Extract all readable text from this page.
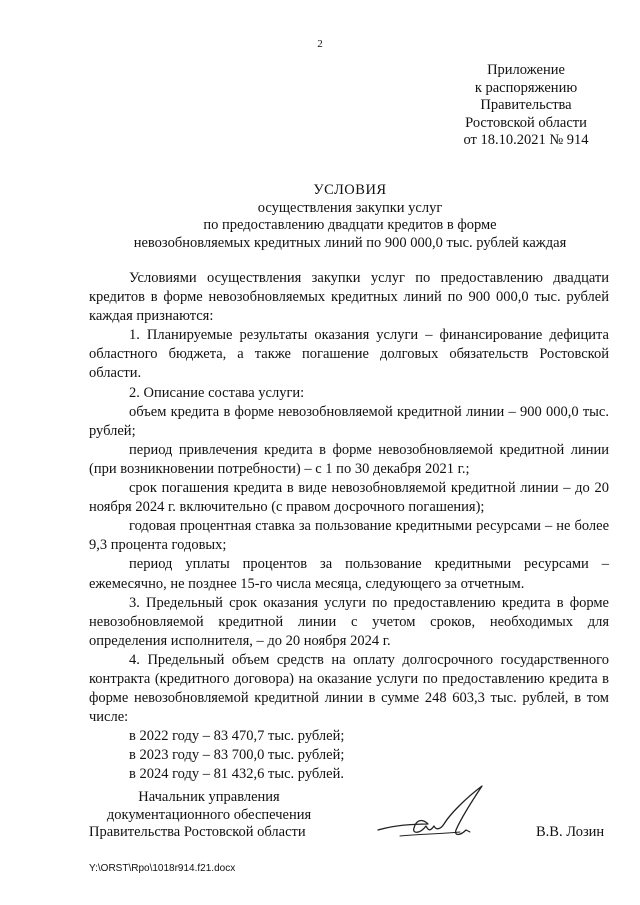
2
Приложение
к распоряжению
Правительства
Ростовской области
от 18.10.2021 № 914
УСЛОВИЯ
осуществления закупки услуг
по предоставлению двадцати кредитов в форме
невозобновляемых кредитных линий по 900 000,0 тыс. рублей каждая

Условиями осуществления закупки услуг по предоставлению двадцати кредитов в форме невозобновляемых кредитных линий по 900 000,0 тыс. рублей каждая признаются:

1. Планируемые результаты оказания услуги – финансирование дефицита областного бюджета, а также погашение долговых обязательств Ростовской области.

2. Описание состава услуги:

объем кредита в форме невозобновляемой кредитной линии – 900 000,0 тыс. рублей;

период привлечения кредита в форме невозобновляемой кредитной линии (при возникновении потребности) – с 1 по 30 декабря 2021 г.;

срок погашения кредита в виде невозобновляемой кредитной линии – до 20 ноября 2024 г. включительно (с правом досрочного погашения);

годовая процентная ставка за пользование кредитными ресурсами – не более 9,3 процента годовых;

период уплаты процентов за пользование кредитными ресурсами – ежемесячно, не позднее 15-го числа месяца, следующего за отчетным.

3. Предельный срок оказания услуги по предоставлению кредита в форме невозобновляемой кредитной линии с учетом сроков, необходимых для определения исполнителя, – до 20 ноября 2024 г.

4. Предельный объем средств на оплату долгосрочного государственного контракта (кредитного договора) на оказание услуги по предоставлению кредита в форме невозобновляемой кредитной линии в сумме 248 603,3 тыс. рублей, в том числе:

в 2022 году – 83 470,7 тыс. рублей;

в 2023 году – 83 700,0 тыс. рублей;

в 2024 году – 81 432,6 тыс. рублей.

Начальник управления
документационного обеспечения
Правительства Ростовской области	В.В. Лозин
Y:\ORST\Rpo\1018r914.f21.docx
